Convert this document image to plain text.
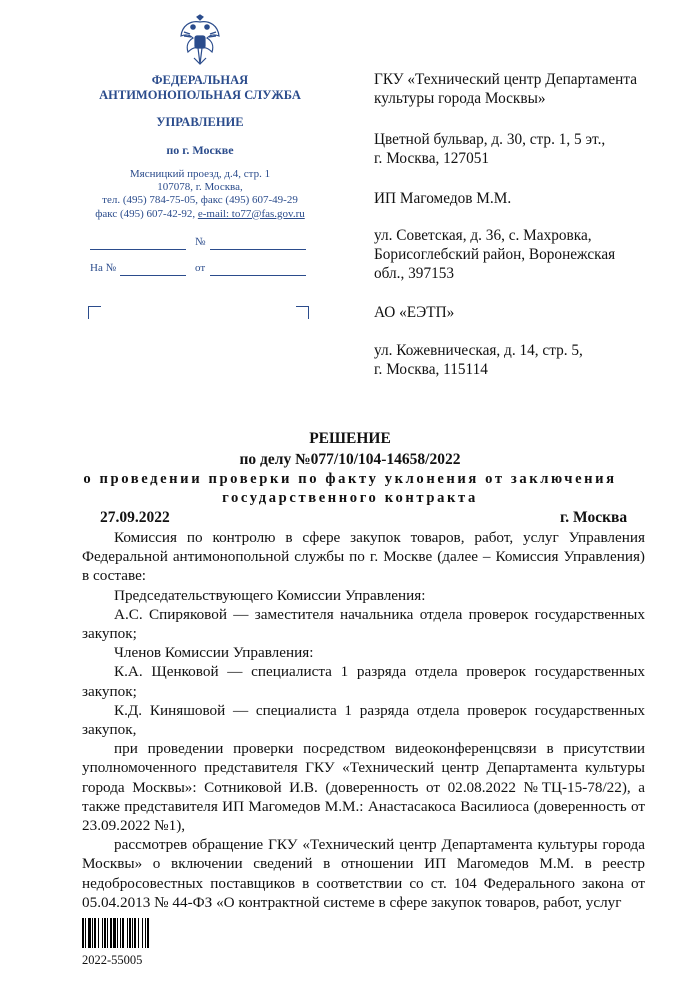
ФЕДЕРАЛЬНАЯ
АНТИМОНОПОЛЬНАЯ СЛУЖБА
УПРАВЛЕНИЕ
по г. Москве
Мясницкий проезд, д.4, стр. 1
107078, г. Москва,
тел. (495) 784-75-05, факс (495) 607-49-29
факс (495) 607-42-92, e-mail: to77@fas.gov.ru
№
На №	от
ГКУ «Технический центр Департамента
культуры города Москвы»
Цветной бульвар, д. 30, стр. 1, 5 эт.,
г. Москва, 127051
ИП Магомедов М.М.
ул. Советская, д. 36, с. Махровка,
Борисоглебский район, Воронежская
обл., 397153
АО «ЕЭТП»
ул. Кожевническая, д. 14, стр. 5,
г. Москва, 115114
РЕШЕНИЕ
по делу №077/10/104-14658/2022
о проведении проверки по факту уклонения от заключения
государственного контракта
27.09.2022	г. Москва

Комиссия по контролю в сфере закупок товаров, работ, услуг Управления Федеральной антимонопольной службы по г. Москве (далее – Комиссия Управления) в составе:

Председательствующего Комиссии Управления:

А.С. Спиряковой — заместителя начальника отдела проверок государственных закупок;

Членов Комиссии Управления:

К.А. Щенковой — специалиста 1 разряда отдела проверок государственных закупок;

К.Д. Киняшовой — специалиста 1 разряда отдела проверок государственных закупок,

при проведении проверки посредством видеоконференцсвязи в присутствии уполномоченного представителя ГКУ «Технический центр Департамента культуры города Москвы»: Сотниковой И.В. (доверенность от 02.08.2022 №ТЦ-15-78/22), а также представителя ИП Магомедов М.М.: Анастасакоса Василиоса (доверенность от 23.09.2022 №1),

рассмотрев обращение ГКУ «Технический центр Департамента культуры города Москвы» о включении сведений в отношении ИП Магомедов М.М. в реестр недобросовестных поставщиков в соответствии со ст. 104 Федерального закона от 05.04.2013 № 44-ФЗ «О контрактной системе в сфере закупок товаров, работ, услуг

2022-55005
